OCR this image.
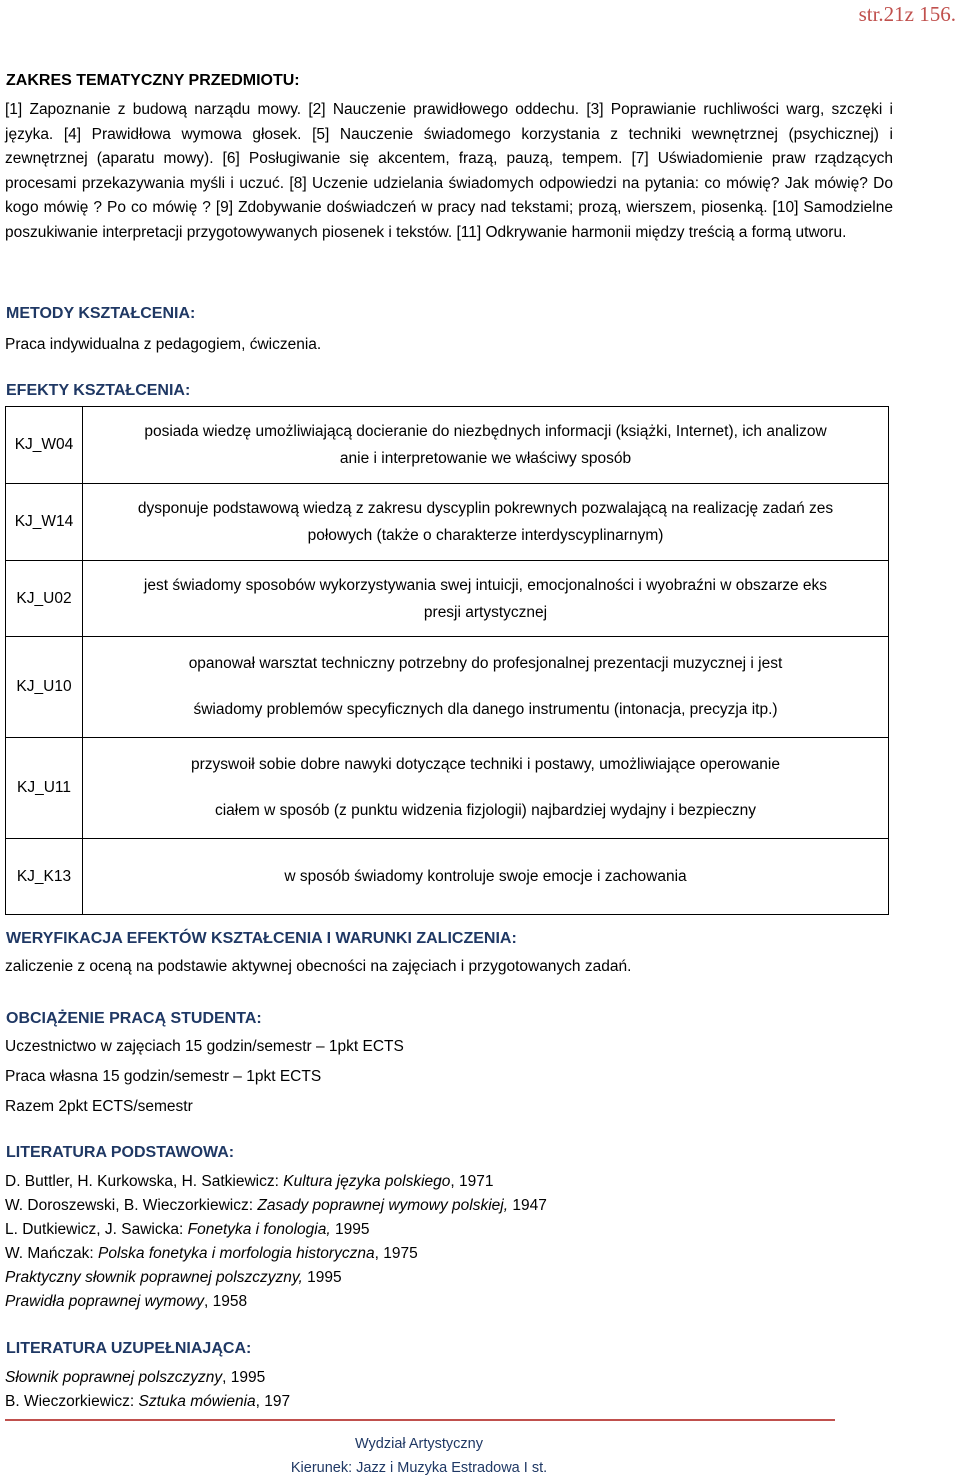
str.21z 156.
ZAKRES TEMATYCZNY PRZEDMIOTU:
[1] Zapoznanie z budową narządu mowy. [2] Nauczenie prawidłowego oddechu. [3] Poprawianie ruchliwości warg, szczęki i języka. [4] Prawidłowa wymowa głosek. [5] Nauczenie świadomego korzystania z techniki wewnętrznej (psychicznej) i zewnętrznej (aparatu mowy). [6] Posługiwanie się akcentem, frazą, pauzą, tempem. [7] Uświadomienie praw rządzących procesami przekazywania myśli i uczuć. [8] Uczenie udzielania świadomych odpowiedzi na pytania: co mówię? Jak mówię? Do kogo mówię ? Po co mówię ? [9] Zdobywanie doświadczeń w pracy nad tekstami; prozą, wierszem, piosenką. [10] Samodzielne poszukiwanie interpretacji przygotowywanych piosenek i tekstów. [11] Odkrywanie harmonii między treścią a formą utworu.
METODY KSZTAŁCENIA:
Praca indywidualna z pedagogiem, ćwiczenia.
EFEKTY KSZTAŁCENIA:
KJ_W04	posiada wiedzę umożliwiającą docieranie do niezbędnych informacji (książki, Internet), ich analizow
anie i interpretowanie we właściwy sposób

KJ_W14	dysponuje podstawową wiedzą z zakresu dyscyplin pokrewnych pozwalającą na realizację zadań zes
połowych (także o charakterze interdyscyplinarnym)

KJ_U02	jest świadomy sposobów wykorzystywania swej intuicji, emocjonalności i wyobraźni w obszarze eks
presji artystycznej

KJ_U10	opanował warsztat techniczny potrzebny do profesjonalnej prezentacji muzycznej i jest
świadomy problemów specyficznych dla danego instrumentu (intonacja, precyzja itp.)

KJ_U11	przyswoił sobie dobre nawyki dotyczące techniki i postawy, umożliwiające operowanie
ciałem w sposób (z punktu widzenia fizjologii) najbardziej wydajny i bezpieczny

KJ_K13	w sposób świadomy kontroluje swoje emocje i zachowania
WERYFIKACJA EFEKTÓW KSZTAŁCENIA I WARUNKI ZALICZENIA:
zaliczenie z oceną na podstawie aktywnej obecności na zajęciach i przygotowanych zadań.
OBCIĄŻENIE PRACĄ STUDENTA:
Uczestnictwo w zajęciach 15 godzin/semestr – 1pkt ECTS
Praca własna 15 godzin/semestr – 1pkt ECTS
Razem 2pkt ECTS/semestr
LITERATURA PODSTAWOWA:
D. Buttler, H. Kurkowska, H. Satkiewicz: Kultura języka polskiego, 1971
W. Doroszewski, B. Wieczorkiewicz: Zasady poprawnej wymowy polskiej, 1947
L. Dutkiewicz, J. Sawicka: Fonetyka i fonologia, 1995
W. Mańczak: Polska fonetyka i morfologia historyczna, 1975
Praktyczny słownik poprawnej polszczyzny, 1995
Prawidła poprawnej wymowy, 1958
LITERATURA UZUPEŁNIAJĄCA:
Słownik poprawnej polszczyzny, 1995
B. Wieczorkiewicz: Sztuka mówienia, 197
Wydział Artystyczny
Kierunek: Jazz i Muzyka Estradowa I st.
